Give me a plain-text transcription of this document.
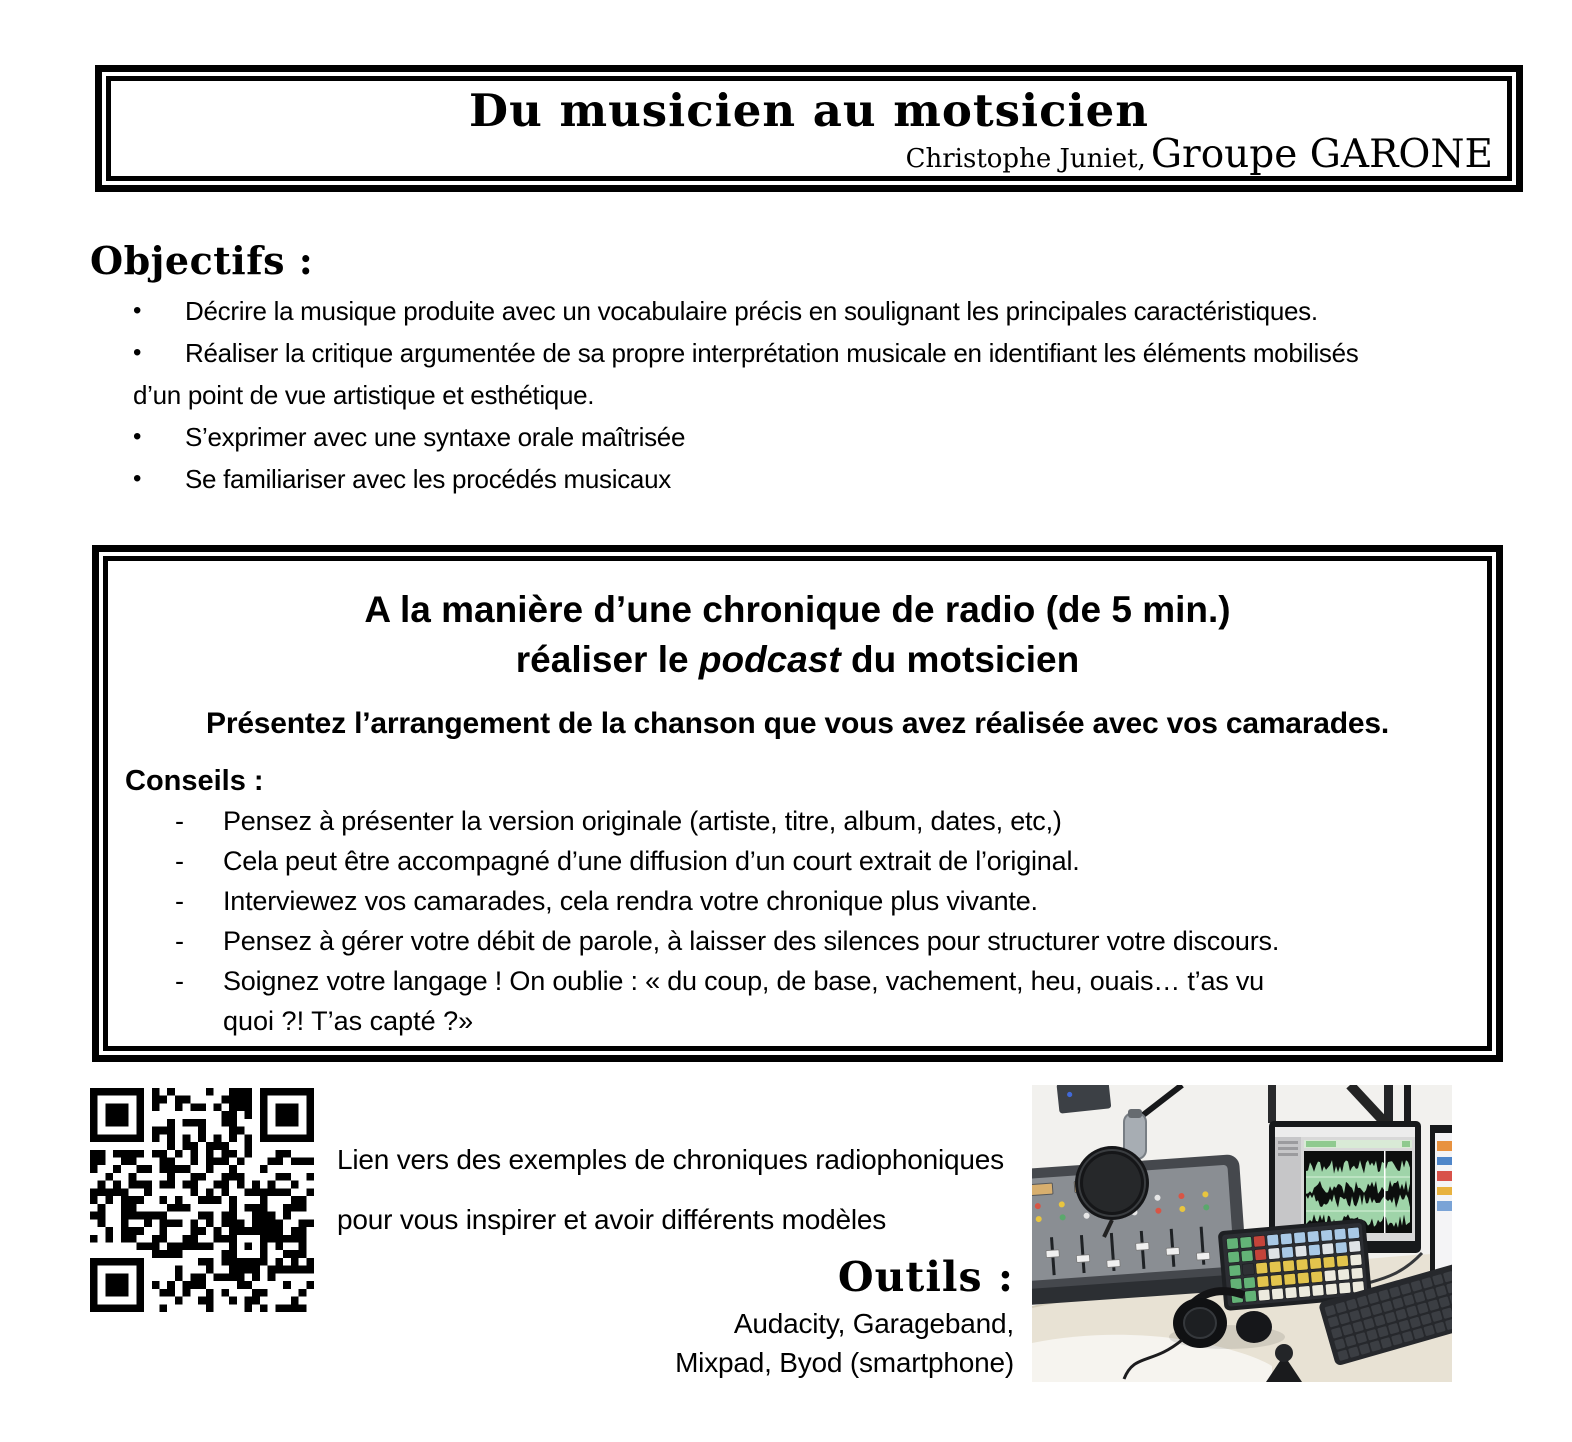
Du musicien au motsicien
Christophe Juniet, Groupe GARONE
Objectifs :
•	Décrire la musique produite avec un vocabulaire précis en soulignant les principales caractéristiques.
•	Réaliser la critique argumentée de sa propre interprétation musicale en identifiant les éléments mobilisés
d’un point de vue artistique et esthétique.
•	S’exprimer avec une syntaxe orale maîtrisée
•	Se familiariser avec les procédés musicaux
A la manière d’une chronique de radio (de 5 min.)
réaliser le podcast du motsicien
Présentez l’arrangement de la chanson que vous avez réalisée avec vos camarades.
Conseils :
-	Pensez à présenter la version originale (artiste, titre, album, dates, etc,)
-	Cela peut être accompagné d’une diffusion d’un court extrait de l’original.
-	Interviewez vos camarades, cela rendra votre chronique plus vivante.
-	Pensez à gérer votre débit de parole, à laisser des silences pour structurer votre discours.
-	Soignez votre langage ! On oublie : « du coup, de base, vachement, heu, ouais… t’as vu
quoi ?! T’as capté ?»
Lien vers des exemples de chroniques radiophoniques
pour vous inspirer et avoir différents modèles
Outils :
Audacity, Garageband,
Mixpad, Byod (smartphone)
